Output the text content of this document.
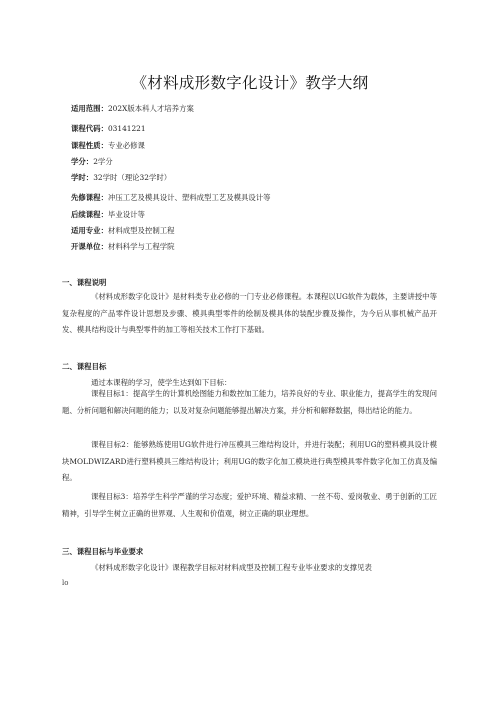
《材料成形数字化设计》教学大纲
适用范围：202X版本科人才培养方案
课程代码：03141221
课程性质：专业必修课
学分：2学分
学时：32学时（理论32学时）
先修课程：冲压工艺及模具设计、塑料成型工艺及模具设计等
后续课程：毕业设计等
适用专业：材料成型及控制工程
开课单位：材料科学与工程学院
一、课程说明
《材料成形数字化设计》是材料类专业必修的一门专业必修课程。本课程以UG软件为载体，主要讲授中等复杂程度的产品零件设计思想及步骤、模具典型零件的绘制及模具体的装配步骤及操作，为今后从事机械产品开发、模具结构设计与典型零件的加工等相关技术工作打下基础。
二、课程目标
通过本课程的学习，使学生达到如下目标：
课程目标1：提高学生的计算机绘图能力和数控加工能力，培养良好的专业、职业能力，提高学生的发现问题、分析问题和解决问题的能力；以及对复杂问题能够提出解决方案，并分析和解释数据，得出结论的能力。
课程目标2：能够熟练使用UG软件进行冲压模具三维结构设计，并进行装配；利用UG的塑料模具设计模块MOLDWIZARD进行塑料模具三维结构设计；利用UG的数字化加工模块进行典型模具零件数字化加工仿真及编程。
课程目标3：培养学生科学严谨的学习态度；爱护环境、精益求精、一丝不苟、爱岗敬业、勇于创新的工匠精神，引导学生树立正确的世界观、人生观和价值观，树立正确的职业理想。
三、课程目标与毕业要求
《材料成形数字化设计》课程教学目标对材料成型及控制工程专业毕业要求的支撑见表
lo
